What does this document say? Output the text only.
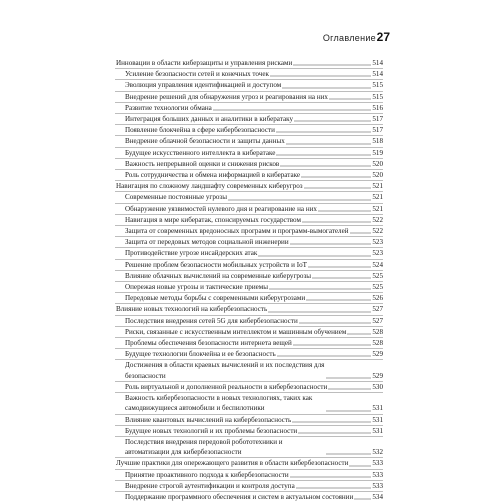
Оглавление 27
Инновации в области киберзащиты и управления рисками	514
Усиление безопасности сетей и конечных точек	514
Эволюция управления идентификацией и доступом	515
Внедрение решений для обнаружения угроз и реагирования на них	515
Развитие технологии обмана	516
Интеграция больших данных и аналитики в кибератаку	517
Появление блокчейна в сфере кибербезопасности	517
Внедрение облачной безопасности и защиты данных	518
Будущее искусственного интеллекта в кибератаке	519
Важность непрерывной оценки и снижения рисков	520
Роль сотрудничества и обмена информацией в кибератаке	520
Навигация по сложному ландшафту современных киберугроз	521
Современные постоянные угрозы	521
Обнаружение уязвимостей нулевого дня и реагирование на них	521
Навигация в мире кибератак, спонсируемых государством	522
Защита от современных вредоносных программ и программ-вымогателей	522
Защита от передовых методов социальной инженерии	523
Противодействие угрозе инсайдерских атак	523
Решение проблем безопасности мобильных устройств и IoT	524
Влияние облачных вычислений на современные киберугрозы	525
Опережая новые угрозы и тактические приемы	525
Передовые методы борьбы с современными киберугрозами	526
Влияние новых технологий на кибербезопасность	527
Последствия внедрения сетей 5G для кибербезопасности	527
Риски, связанные с искусственным интеллектом и машинным обучением	528
Проблемы обеспечения безопасности интернета вещей	528
Будущее технологии блокчейна и ее безопасность	529
Достижения в области краевых вычислений и их последствия для безопасности	529
Роль виртуальной и дополненной реальности в кибербезопасности	530
Важность кибербезопасности в новых технологиях, таких как самодвижущиеся автомобили и беспилотники	531
Влияние квантовых вычислений на кибербезопасность	531
Будущее новых технологий и их проблемы безопасности	531
Последствия внедрения передовой робототехники и автоматизации для кибербезопасности	532
Лучшие практики для опережающего развития в области кибербезопасности	533
Принятие проактивного подхода к кибербезопасности	533
Внедрение строгой аутентификации и контроля доступа	533
Поддержание программного обеспечения и систем в актуальном состоянии	534
